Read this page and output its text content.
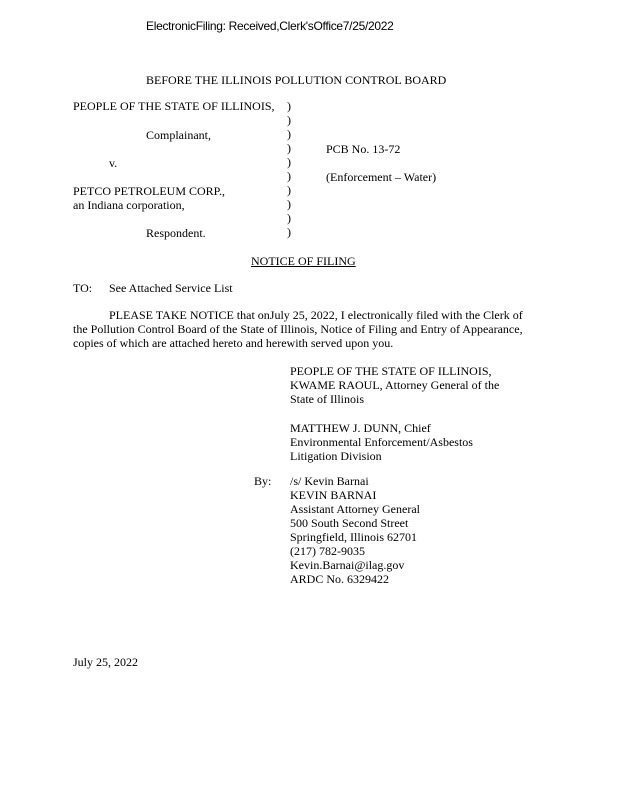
ElectronicFiling: Received,Clerk'sOffice7/25/2022
BEFORE THE ILLINOIS POLLUTION CONTROL BOARD
PEOPLE OF THE STATE OF ILLINOIS,
Complainant,
v.
PETCO PETROLEUM CORP.,
an Indiana corporation,
Respondent.
)
)
)
)
)
)
)
)
)
)
PCB No. 13-72
(Enforcement – Water)
NOTICE OF FILING
TO: See Attached Service List
PLEASE TAKE NOTICE that onJuly 25, 2022, I electronically filed with the Clerk of the Pollution Control Board of the State of Illinois, Notice of Filing and Entry of Appearance, copies of which are attached hereto and herewith served upon you.
PEOPLE OF THE STATE OF ILLINOIS,
KWAME RAOUL, Attorney General of the
State of Illinois
MATTHEW J. DUNN, Chief
Environmental Enforcement/Asbestos
Litigation Division
By: /s/ Kevin Barnai
KEVIN BARNAI
Assistant Attorney General
500 South Second Street
Springfield, Illinois 62701
(217) 782-9035
Kevin.Barnai@ilag.gov
ARDC No. 6329422
July 25, 2022
